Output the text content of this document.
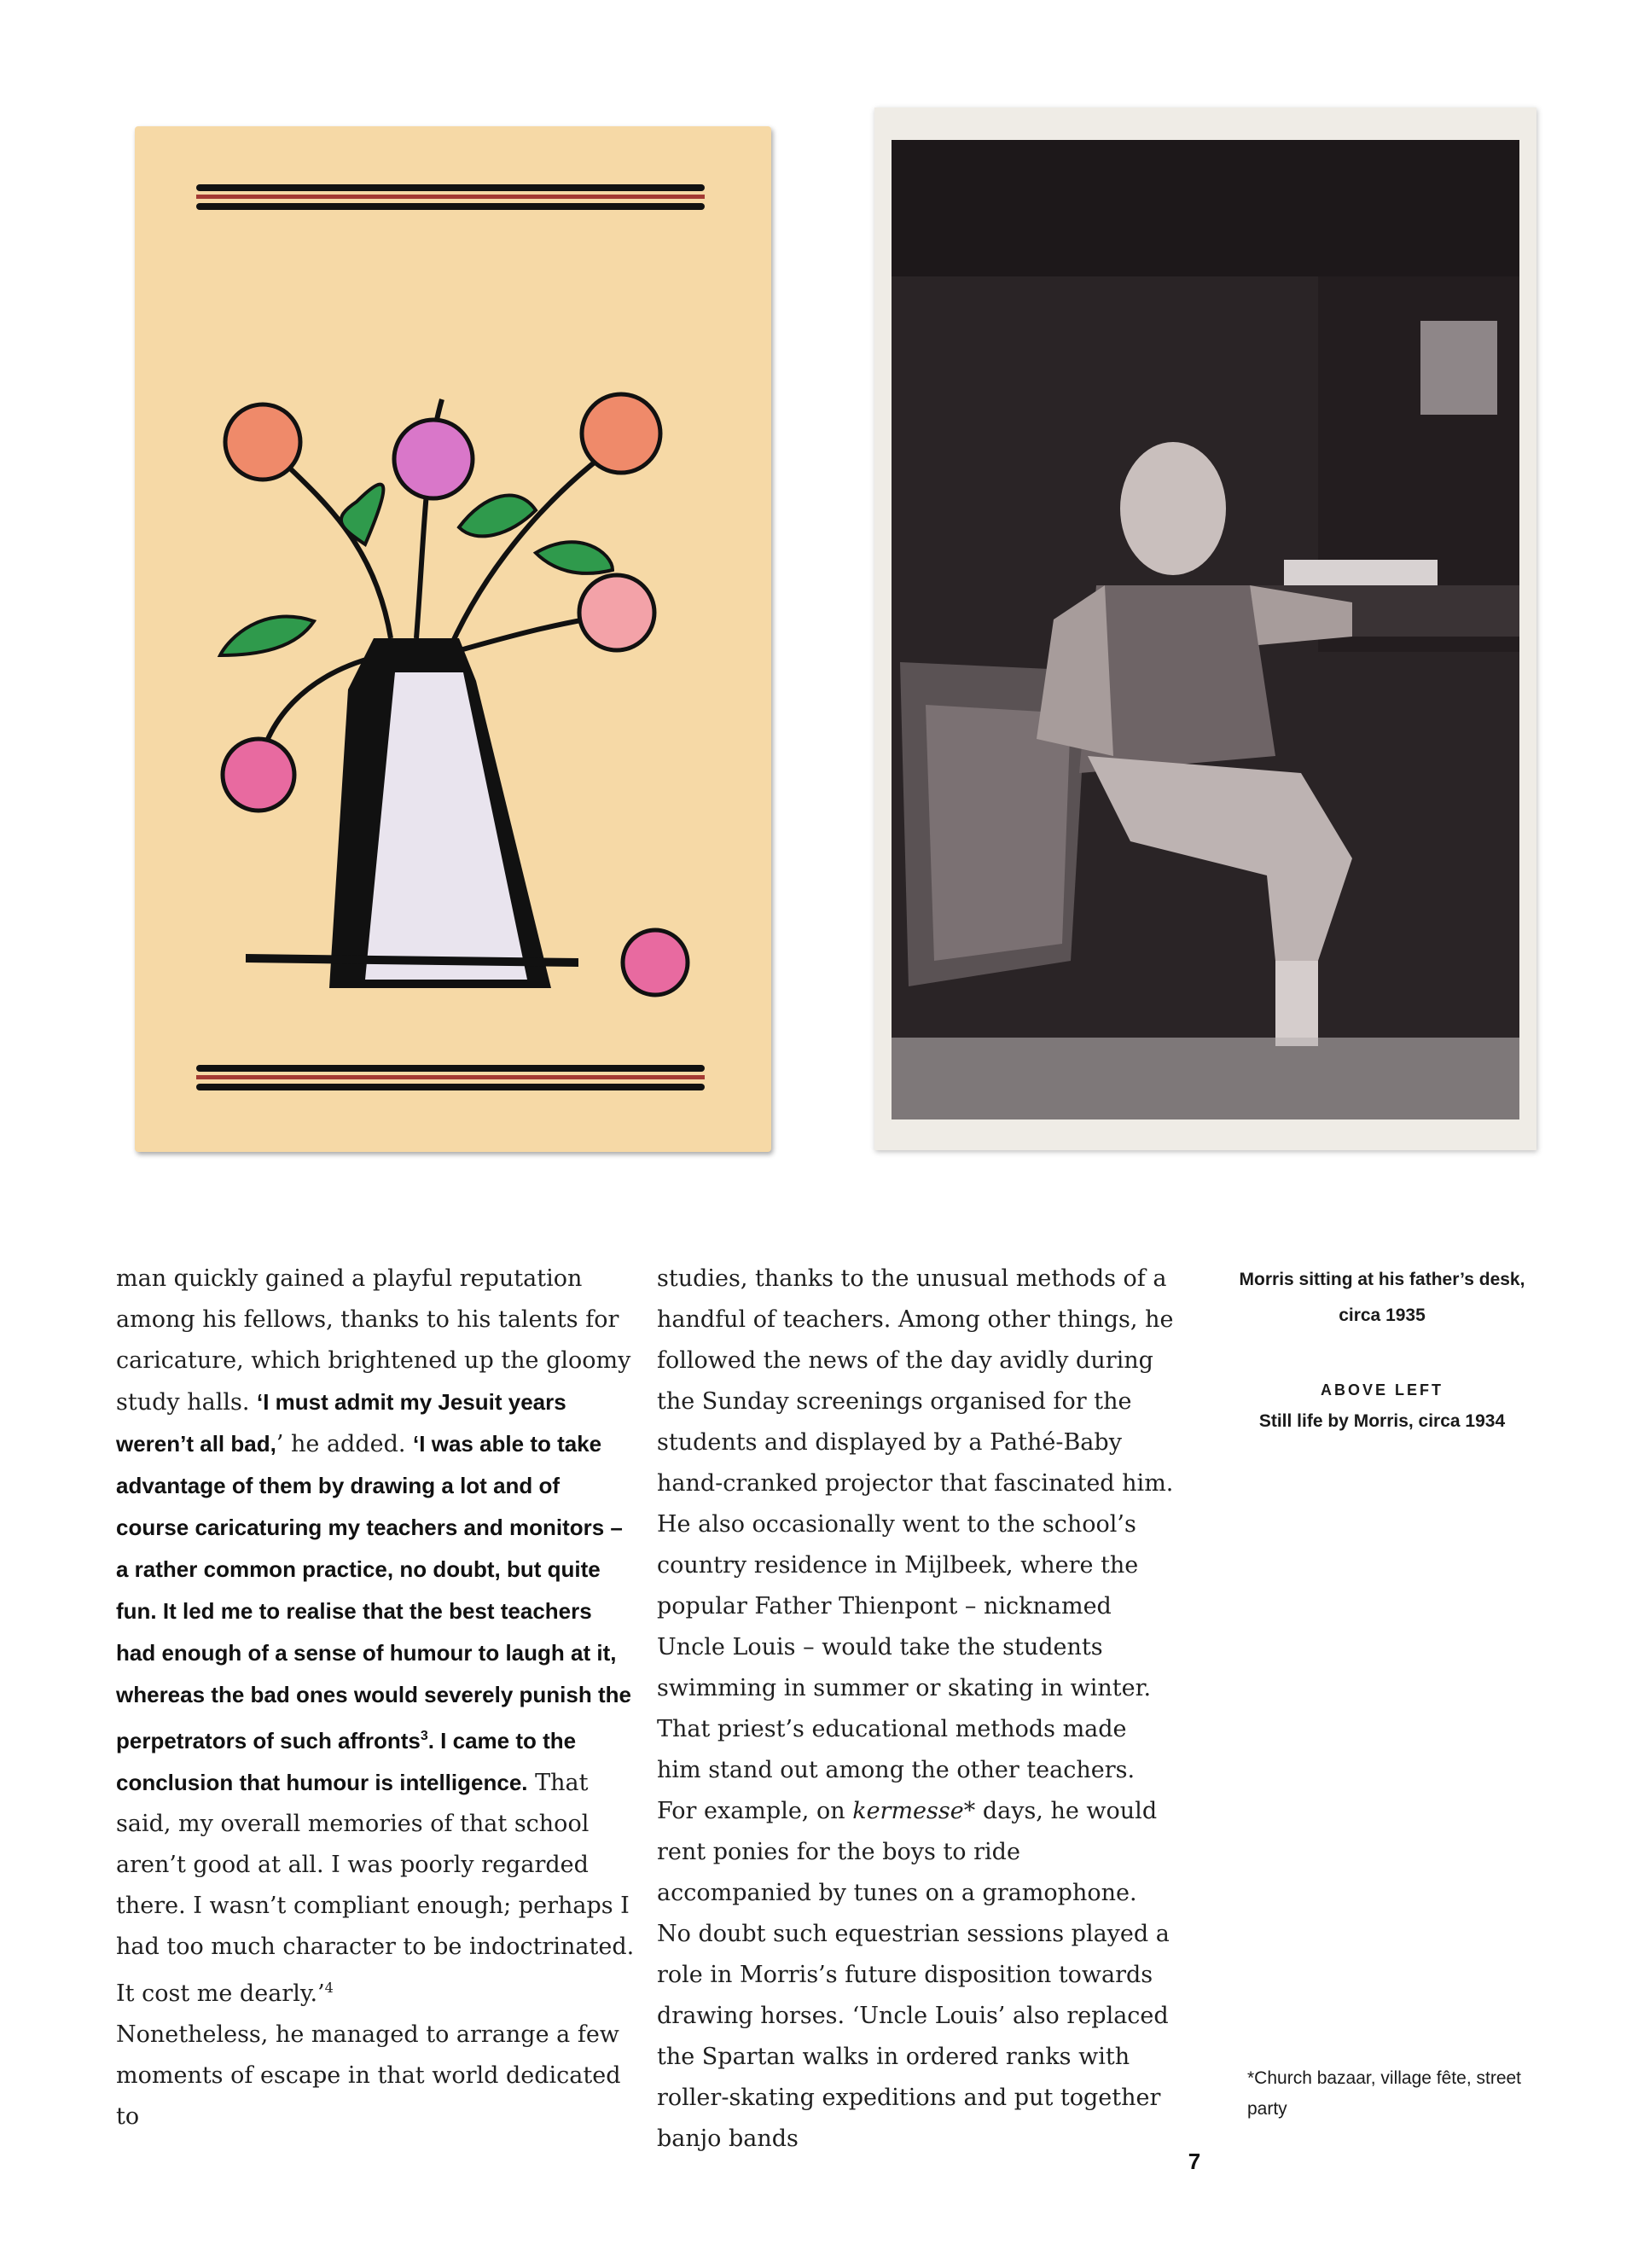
man quickly gained a playful reputation among his fellows, thanks to his talents for caricature, which brightened up the gloomy study halls. ‘I must admit my Jesuit years weren’t all bad,’ he added. ‘I was able to take advantage of them by drawing a lot and of course caricaturing my teachers and monitors – a rather common practice, no doubt, but quite fun. It led me to realise that the best teachers had enough of a sense of humour to laugh at it, whereas the bad ones would severely punish the perpetrators of such affronts$^3$. I came to the conclusion that humour is intelligence. That said, my overall memories of that school aren’t good at all. I was poorly regarded there. I wasn’t compliant enough; perhaps I had too much character to be indoctrinated. It cost me dearly.’$^4$

Nonetheless, he managed to arrange a few moments of escape in that world dedicated to

studies, thanks to the unusual methods of a handful of teachers. Among other things, he followed the news of the day avidly during the Sunday screenings organised for the students and displayed by a Pathé-Baby hand-cranked projector that fascinated him. He also occasionally went to the school’s country residence in Mijlbeek, where the popular Father Thienpont – nicknamed Uncle Louis – would take the students swimming in summer or skating in winter. That priest’s educational methods made him stand out among the other teachers. For example, on kermesse* days, he would rent ponies for the boys to ride accompanied by tunes on a gramophone. No doubt such equestrian sessions played a role in Morris’s future disposition towards drawing horses. ‘Uncle Louis’ also replaced the Spartan walks in ordered ranks with roller-skating expeditions and put together banjo bands

Morris sitting at his father’s desk, circa 1935
ABOVE LEFT
Still life by Morris, circa 1934
*Church bazaar, village fête, street party
7
